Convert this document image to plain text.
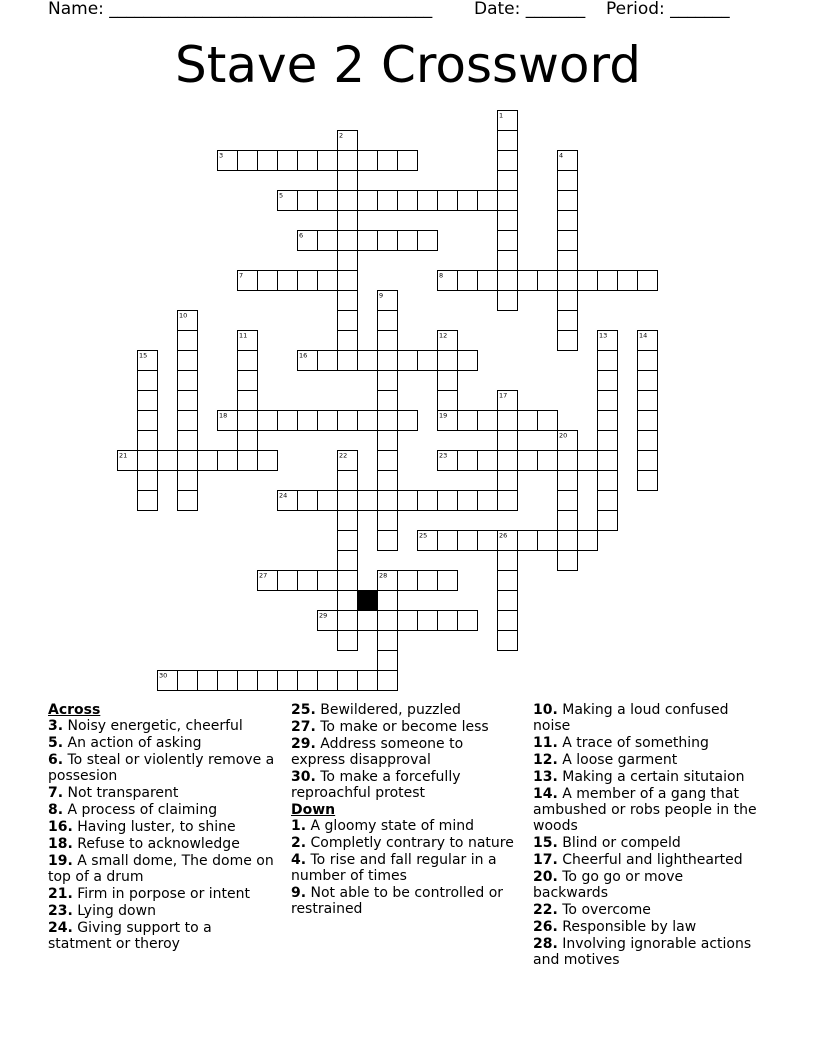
Name: ______________________________________ Date: _______ Period: _______
Stave 2 Crossword
1
2
3	4
5
6
7	8
9
10
11	12	13	14
15	16
17
18	19
20
21	22	23
24
25	26
27	28
29
30
Across
3. Noisy energetic, cheerful
5. An action of asking
6. To steal or violently remove a possesion
7. Not transparent
8. A process of claiming
16. Having luster, to shine
18. Refuse to acknowledge
19. A small dome, The dome on top of a drum
21. Firm in porpose or intent
23. Lying down
24. Giving support to a statment or theroy
25. Bewildered, puzzled
27. To make or become less
29. Address someone to express disapproval
30. To make a forcefully reproachful protest
Down
1. A gloomy state of mind
2. Completly contrary to nature
4. To rise and fall regular in a number of times
9. Not able to be controlled or restrained
10. Making a loud confused noise
11. A trace of something
12. A loose garment
13. Making a certain situtaion
14. A member of a gang that ambushed or robs people in the woods
15. Blind or compeld
17. Cheerful and lighthearted
20. To go go or move backwards
22. To overcome
26. Responsible by law
28. Involving ignorable actions and motives
